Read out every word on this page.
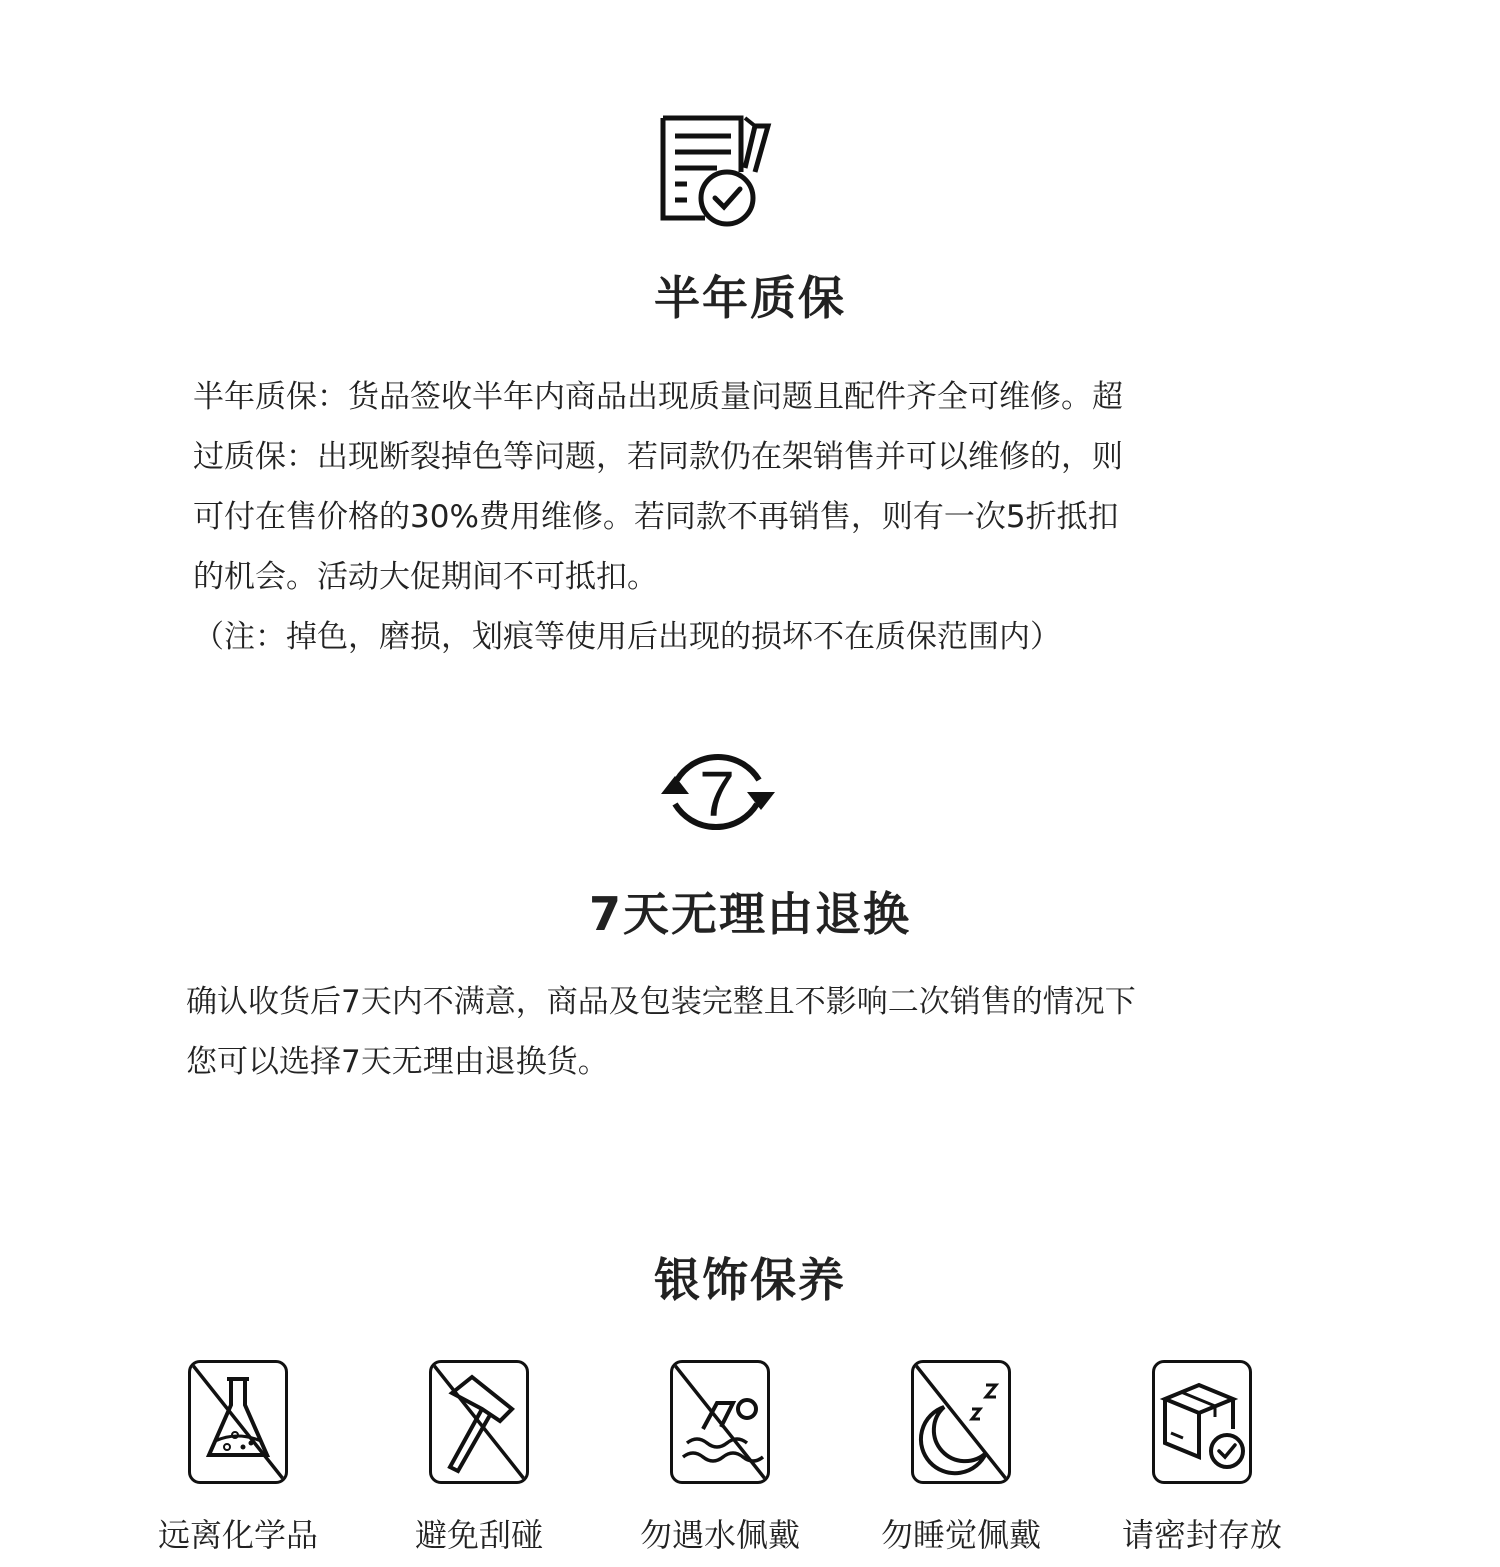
半年质保

半年质保：货品签收半年内商品出现质量问题且配件齐全可维修。超

过质保：出现断裂掉色等问题，若同款仍在架销售并可以维修的，则

可付在售价格的30%费用维修。若同款不再销售，则有一次5折抵扣

的机会。活动大促期间不可抵扣。

（注：掉色，磨损，划痕等使用后出现的损坏不在质保范围内）

7
7天无理由退换

确认收货后7天内不满意，商品及包装完整且不影响二次销售的情况下

您可以选择7天无理由退换货。

银饰保养
远离化学品	避免刮碰	勿遇水佩戴	勿睡觉佩戴	请密封存放
